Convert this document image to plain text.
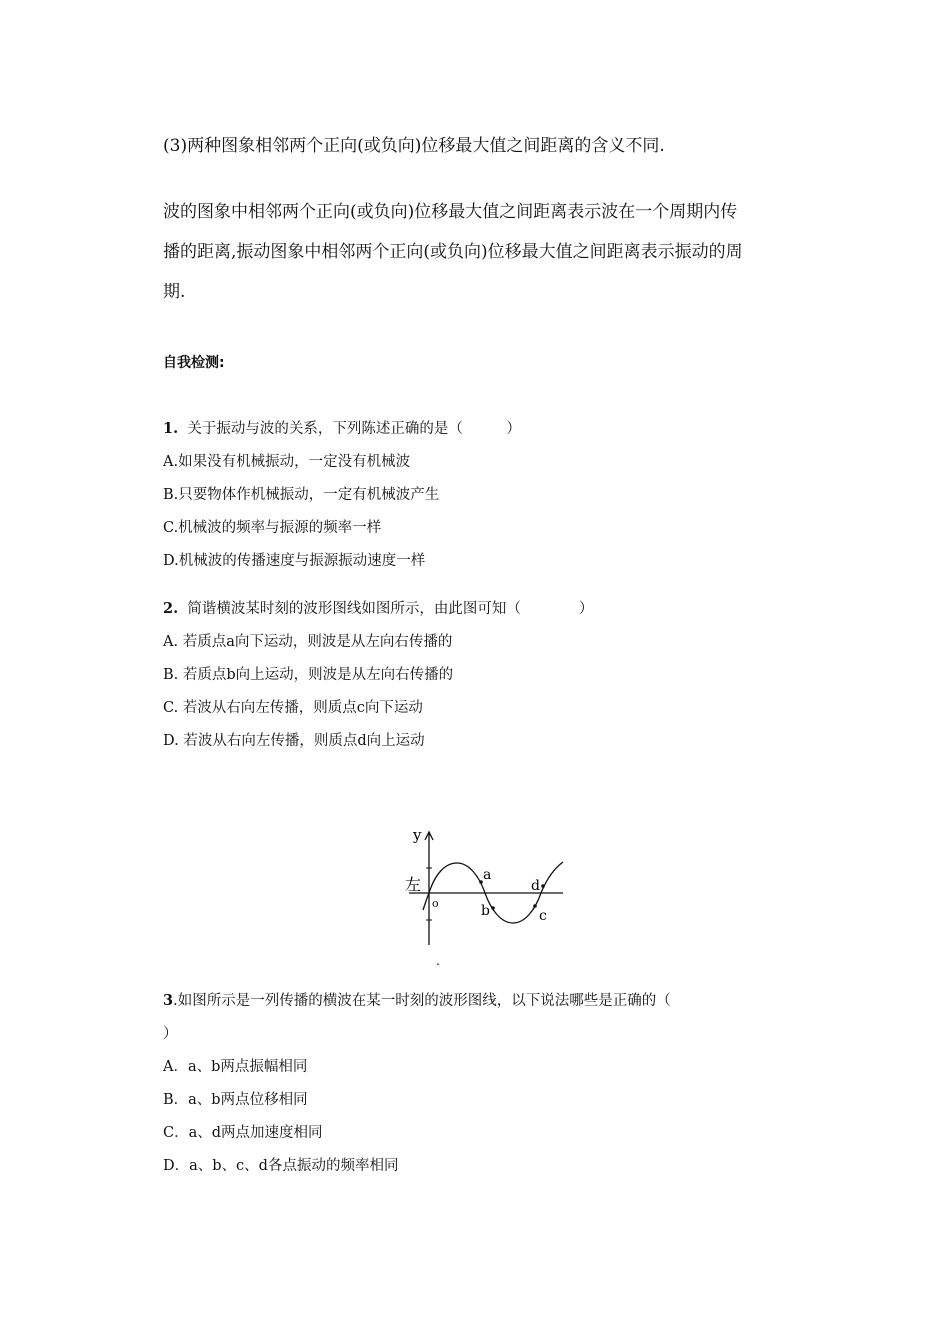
(3)两种图象相邻两个正向(或负向)位移最大值之间距离的含义不同.
波的图象中相邻两个正向(或负向)位移最大值之间距离表示波在一个周期内传
播的距离,振动图象中相邻两个正向(或负向)位移最大值之间距离表示振动的周
期.
自我检测:
1. 关于振动与波的关系，下列陈述正确的是（　　　）
A.如果没有机械振动，一定没有机械波
B.只要物体作机械振动，一定有机械波产生
C.机械波的频率与振源的频率一样
D.机械波的传播速度与振源振动速度一样
2. 简谐横波某时刻的波形图线如图所示，由此图可知（　　　　）
A. 若质点a向下运动，则波是从左向右传播的
B. 若质点b向上运动，则波是从左向右传播的
C. 若波从右向左传播，则质点c向下运动
D. 若波从右向左传播，则质点d向上运动
y
左
o
a
b	c
d
.
3.如图所示是一列传播的横波在某一时刻的波形图线，以下说法哪些是正确的（
）
A．a、b两点振幅相同
B．a、b两点位移相同
C．a、d两点加速度相同
D．a、b、c、d各点振动的频率相同
